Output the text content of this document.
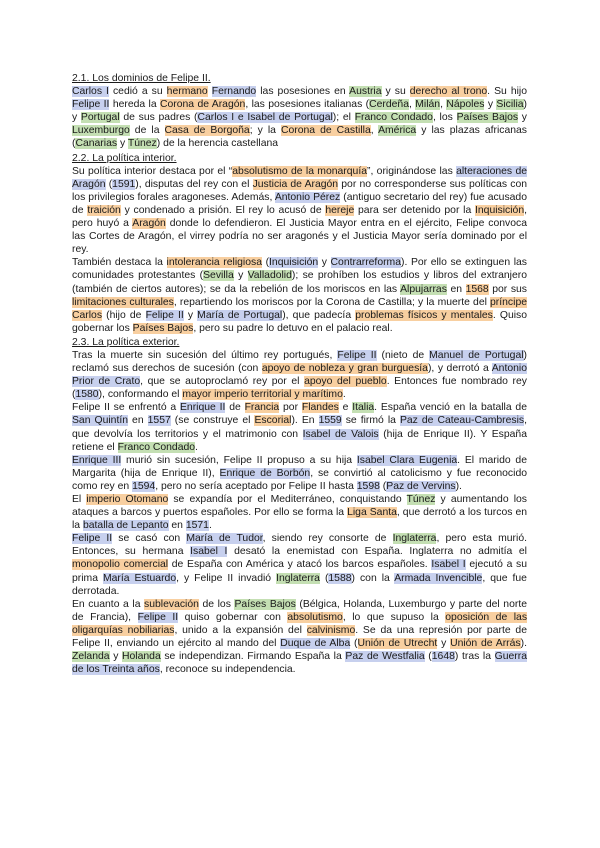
2.1. Los dominios de Felipe II.
Carlos I cedió a su hermano Fernando las posesiones en Austria y su derecho al trono. Su hijo Felipe II hereda la Corona de Aragón, las posesiones italianas (Cerdeña, Milán, Nápoles y Sicilia) y Portugal de sus padres (Carlos I e Isabel de Portugal); el Franco Condado, los Países Bajos y Luxemburgo de la Casa de Borgoña; y la Corona de Castilla, América y las plazas africanas (Canarias y Túnez) de la herencia castellana
2.2. La política interior.
Su política interior destaca por el “absolutismo de la monarquía”, originándose las alteraciones de Aragón (1591), disputas del rey con el Justicia de Aragón por no corresponderse sus políticas con los privilegios forales aragoneses. Además, Antonio Pérez (antiguo secretario del rey) fue acusado de traición y condenado a prisión. El rey lo acusó de hereje para ser detenido por la Inquisición, pero huyó a Aragón donde lo defendieron. El Justicia Mayor entra en el ejército, Felipe convoca las Cortes de Aragón, el virrey podría no ser aragonés y el Justicia Mayor sería dominado por el rey.
También destaca la intolerancia religiosa (Inquisición y Contrarreforma). Por ello se extinguen las comunidades protestantes (Sevilla y Valladolid); se prohíben los estudios y libros del extranjero (también de ciertos autores); se da la rebelión de los moriscos en las Alpujarras en 1568 por sus limitaciones culturales, repartiendo los moriscos por la Corona de Castilla; y la muerte del príncipe Carlos (hijo de Felipe II y María de Portugal), que padecía problemas físicos y mentales. Quiso gobernar los Países Bajos, pero su padre lo detuvo en el palacio real.
2.3. La política exterior.
Tras la muerte sin sucesión del último rey portugués, Felipe II (nieto de Manuel de Portugal) reclamó sus derechos de sucesión (con apoyo de nobleza y gran burguesía), y derrotó a Antonio Prior de Crato, que se autoproclamó rey por el apoyo del pueblo. Entonces fue nombrado rey (1580), conformando el mayor imperio territorial y marítimo.
Felipe II se enfrentó a Enrique II de Francia por Flandes e Italia. España venció en la batalla de San Quintín en 1557 (se construye el Escorial). En 1559 se firmó la Paz de Cateau-Cambresis, que devolvía los territorios y el matrimonio con Isabel de Valois (hija de Enrique II). Y España retiene el Franco Condado.
Enrique III murió sin sucesión, Felipe II propuso a su hija Isabel Clara Eugenia. El marido de Margarita (hija de Enrique II), Enrique de Borbón, se convirtió al catolicismo y fue reconocido como rey en 1594, pero no sería aceptado por Felipe II hasta 1598 (Paz de Vervins).
El imperio Otomano se expandía por el Mediterráneo, conquistando Túnez y aumentando los ataques a barcos y puertos españoles. Por ello se forma la Liga Santa, que derrotó a los turcos en la batalla de Lepanto en 1571.
Felipe II se casó con María de Tudor, siendo rey consorte de Inglaterra, pero esta murió. Entonces, su hermana Isabel I desató la enemistad con España. Inglaterra no admitía el monopolio comercial de España con América y atacó los barcos españoles. Isabel I ejecutó a su prima María Estuardo, y Felipe II invadió Inglaterra (1588) con la Armada Invencible, que fue derrotada.
En cuanto a la sublevación de los Países Bajos (Bélgica, Holanda, Luxemburgo y parte del norte de Francia), Felipe II quiso gobernar con absolutismo, lo que supuso la oposición de las oligarquías nobiliarias, unido a la expansión del calvinismo. Se da una represión por parte de Felipe II, enviando un ejército al mando del Duque de Alba (Unión de Utrecht y Unión de Arrás). Zelanda y Holanda se independizan. Firmando España la Paz de Westfalia (1648) tras la Guerra de los Treinta años, reconoce su independencia.
